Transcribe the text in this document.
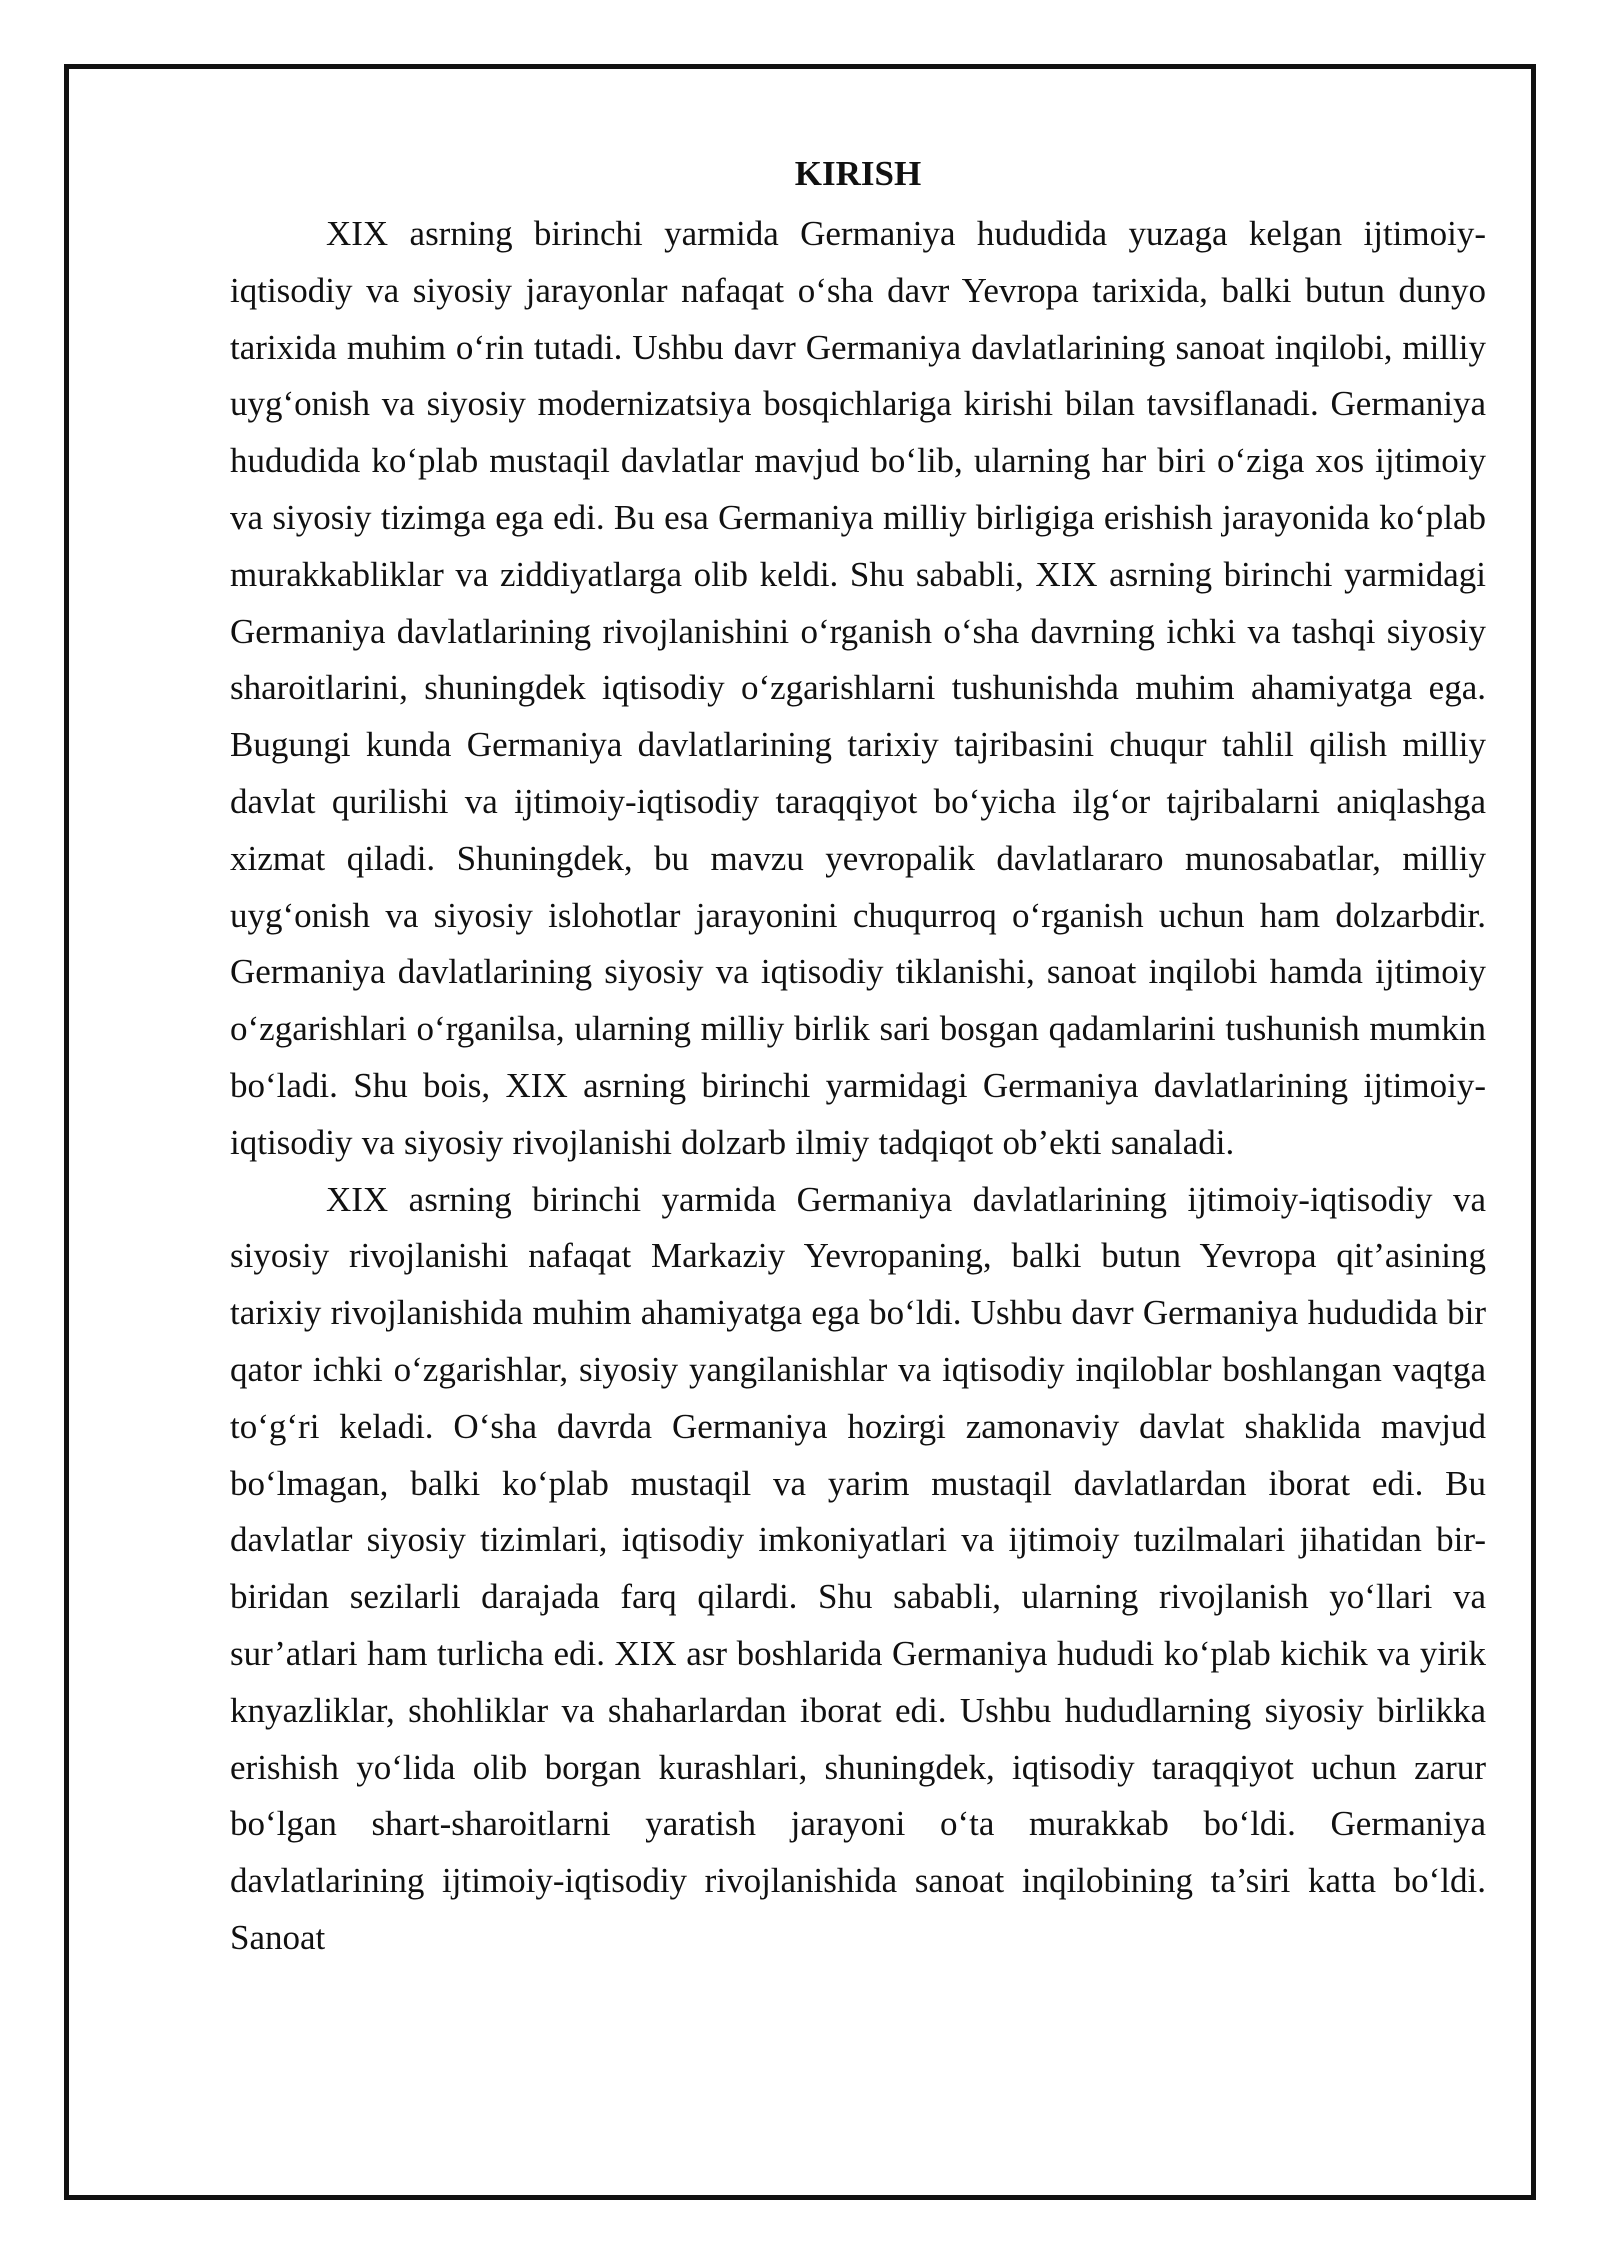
KIRISH

XIX asrning birinchi yarmida Germaniya hududida yuzaga kelgan ijtimoiy-iqtisodiy va siyosiy jarayonlar nafaqat o‘sha davr Yevropa tarixida, balki butun dunyo tarixida muhim o‘rin tutadi. Ushbu davr Germaniya davlatlarining sanoat inqilobi, milliy uyg‘onish va siyosiy modernizatsiya bosqichlariga kirishi bilan tavsiflanadi. Germaniya hududida ko‘plab mustaqil davlatlar mavjud bo‘lib, ularning har biri o‘ziga xos ijtimoiy va siyosiy tizimga ega edi. Bu esa Germaniya milliy birligiga erishish jarayonida ko‘plab murakkabliklar va ziddiyatlarga olib keldi. Shu sababli, XIX asrning birinchi yarmidagi Germaniya davlatlarining rivojlanishini o‘rganish o‘sha davrning ichki va tashqi siyosiy sharoitlarini, shuningdek iqtisodiy o‘zgarishlarni tushunishda muhim ahamiyatga ega. Bugungi kunda Germaniya davlatlarining tarixiy tajribasini chuqur tahlil qilish milliy davlat qurilishi va ijtimoiy-iqtisodiy taraqqiyot bo‘yicha ilg‘or tajribalarni aniqlashga xizmat qiladi. Shuningdek, bu mavzu yevropalik davlatlararo munosabatlar, milliy uyg‘onish va siyosiy islohotlar jarayonini chuqurroq o‘rganish uchun ham dolzarbdir. Germaniya davlatlarining siyosiy va iqtisodiy tiklanishi, sanoat inqilobi hamda ijtimoiy o‘zgarishlari o‘rganilsa, ularning milliy birlik sari bosgan qadamlarini tushunish mumkin bo‘ladi. Shu bois, XIX asrning birinchi yarmidagi Germaniya davlatlarining ijtimoiy-iqtisodiy va siyosiy rivojlanishi dolzarb ilmiy tadqiqot ob’ekti sanaladi.

XIX asrning birinchi yarmida Germaniya davlatlarining ijtimoiy-iqtisodiy va siyosiy rivojlanishi nafaqat Markaziy Yevropaning, balki butun Yevropa qit’asining tarixiy rivojlanishida muhim ahamiyatga ega bo‘ldi. Ushbu davr Germaniya hududida bir qator ichki o‘zgarishlar, siyosiy yangilanishlar va iqtisodiy inqiloblar boshlangan vaqtga to‘g‘ri keladi. O‘sha davrda Germaniya hozirgi zamonaviy davlat shaklida mavjud bo‘lmagan, balki ko‘plab mustaqil va yarim mustaqil davlatlardan iborat edi. Bu davlatlar siyosiy tizimlari, iqtisodiy imkoniyatlari va ijtimoiy tuzilmalari jihatidan bir-biridan sezilarli darajada farq qilardi. Shu sababli, ularning rivojlanish yo‘llari va sur’atlari ham turlicha edi. XIX asr boshlarida Germaniya hududi ko‘plab kichik va yirik knyazliklar, shohliklar va shaharlardan iborat edi. Ushbu hududlarning siyosiy birlikka erishish yo‘lida olib borgan kurashlari, shuningdek, iqtisodiy taraqqiyot uchun zarur bo‘lgan shart-sharoitlarni yaratish jarayoni o‘ta murakkab bo‘ldi. Germaniya davlatlarining ijtimoiy-iqtisodiy rivojlanishida sanoat inqilobining ta’siri katta bo‘ldi. Sanoat
